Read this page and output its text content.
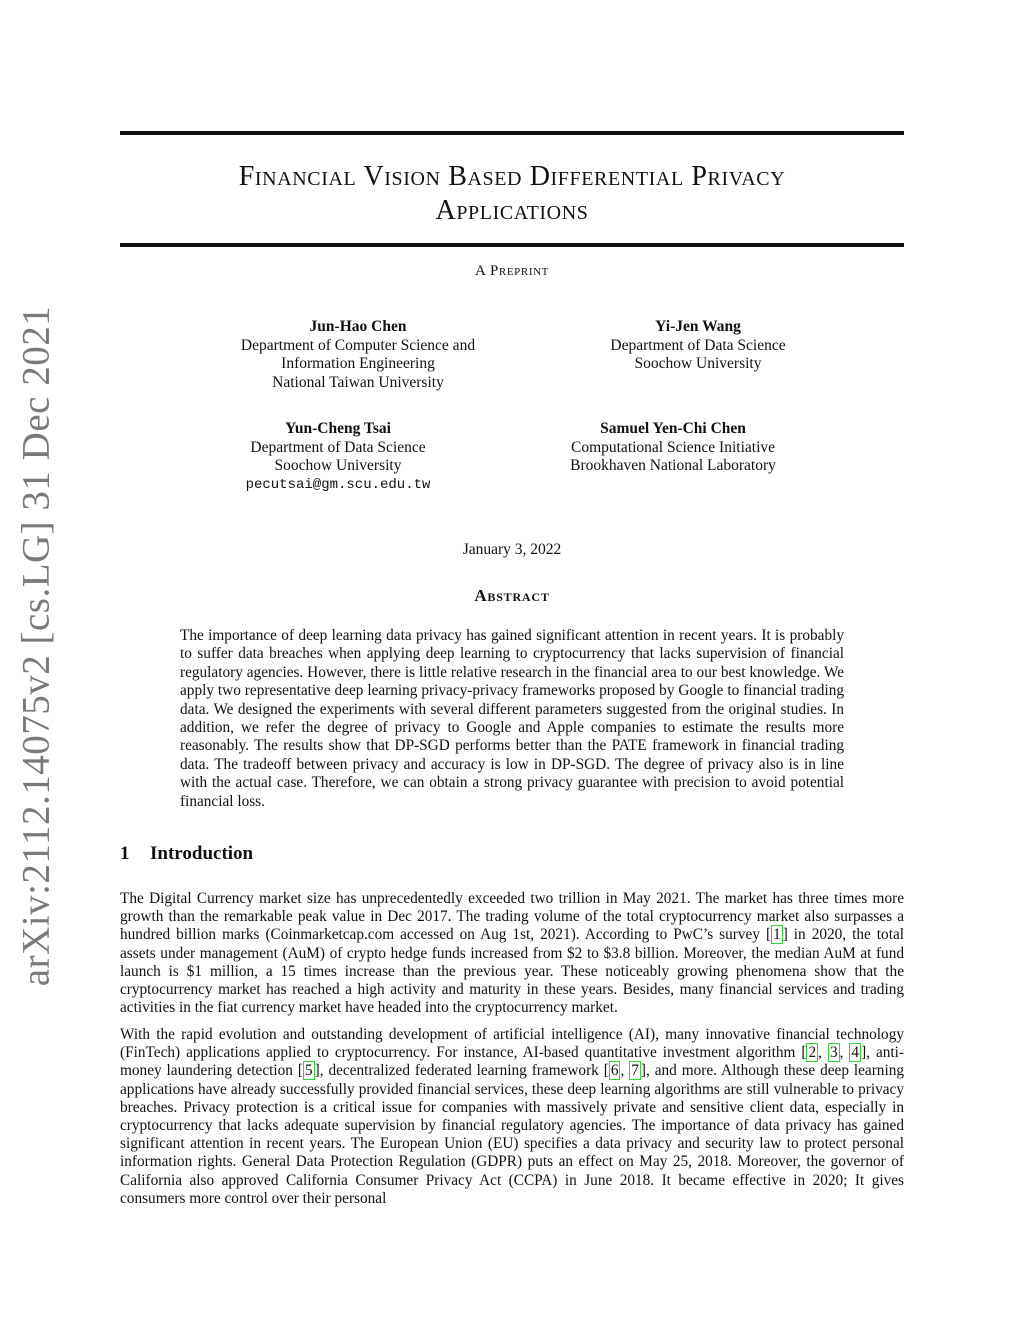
arXiv:2112.14075v2 [cs.LG] 31 Dec 2021
Financial Vision Based Differential Privacy
Applications
A Preprint
Jun-Hao Chen
Department of Computer Science and
Information Engineering
National Taiwan University
Yi-Jen Wang
Department of Data Science
Soochow University
Yun-Cheng Tsai
Department of Data Science
Soochow University
pecutsai@gm.scu.edu.tw
Samuel Yen-Chi Chen
Computational Science Initiative
Brookhaven National Laboratory
January 3, 2022
Abstract
The importance of deep learning data privacy has gained significant attention in recent years. It is probably to suffer data breaches when applying deep learning to cryptocurrency that lacks supervision of financial regulatory agencies. However, there is little relative research in the financial area to our best knowledge. We apply two representative deep learning privacy-privacy frameworks proposed by Google to financial trading data. We designed the experiments with several different parameters suggested from the original studies. In addition, we refer the degree of privacy to Google and Apple companies to estimate the results more reasonably. The results show that DP-SGD performs better than the PATE framework in financial trading data. The tradeoff between privacy and accuracy is low in DP-SGD. The degree of privacy also is in line with the actual case. Therefore, we can obtain a strong privacy guarantee with precision to avoid potential financial loss.
1 Introduction

The Digital Currency market size has unprecedentedly exceeded two trillion in May 2021. The market has three times more growth than the remarkable peak value in Dec 2017. The trading volume of the total cryptocurrency market also surpasses a hundred billion marks (Coinmarketcap.com accessed on Aug 1st, 2021). According to PwC’s survey [ 1 ] in 2020, the total assets under management (AuM) of crypto hedge funds increased from $2 to $3.8 billion. Moreover, the median AuM at fund launch is $1 million, a 15 times increase than the previous year. These noticeably growing phenomena show that the cryptocurrency market has reached a high activity and maturity in these years. Besides, many financial services and trading activities in the fiat currency market have headed into the cryptocurrency market.

With the rapid evolution and outstanding development of artificial intelligence (AI), many innovative financial technology (FinTech) applications applied to cryptocurrency. For instance, AI-based quantitative investment algorithm [ 2 , 3 , 4 ], anti-money laundering detection [ 5 ], decentralized federated learning framework [ 6 , 7 ], and more. Although these deep learning applications have already successfully provided financial services, these deep learning algorithms are still vulnerable to privacy breaches. Privacy protection is a critical issue for companies with massively private and sensitive client data, especially in cryptocurrency that lacks adequate supervision by financial regulatory agencies. The importance of data privacy has gained significant attention in recent years. The European Union (EU) specifies a data privacy and security law to protect personal information rights. General Data Protection Regulation (GDPR) puts an effect on May 25, 2018. Moreover, the governor of California also approved California Consumer Privacy Act (CCPA) in June 2018. It became effective in 2020; It gives consumers more control over their personal
